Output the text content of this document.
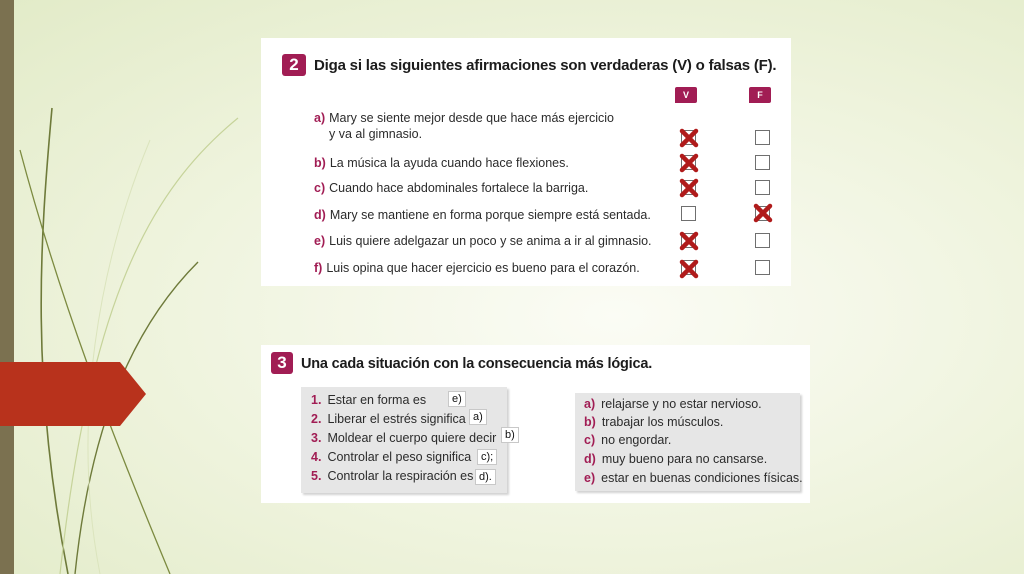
2	Diga si las siguientes afirmaciones son verdaderas (V) o falsas (F).
V	F
a) Mary se siente mejor desde que hace más ejercicio
y va al gimnasio.
b) La música la ayuda cuando hace flexiones.
c) Cuando hace abdominales fortalece la barriga.
d) Mary se mantiene en forma porque siempre está sentada.
e) Luis quiere adelgazar un poco y se anima a ir al gimnasio.
f) Luis opina que hacer ejercicio es bueno para el corazón.
3 Una cada situación con la consecuencia más lógica.
1. Estar en forma es
2. Liberar el estrés significa
3. Moldear el cuerpo quiere decir
4. Controlar el peso significa
5. Controlar la respiración es
e)
a)
b)
c);
d).
a) relajarse y no estar nervioso.
b) trabajar los músculos.
c) no engordar.
d) muy bueno para no cansarse.
e) estar en buenas condiciones físicas.
